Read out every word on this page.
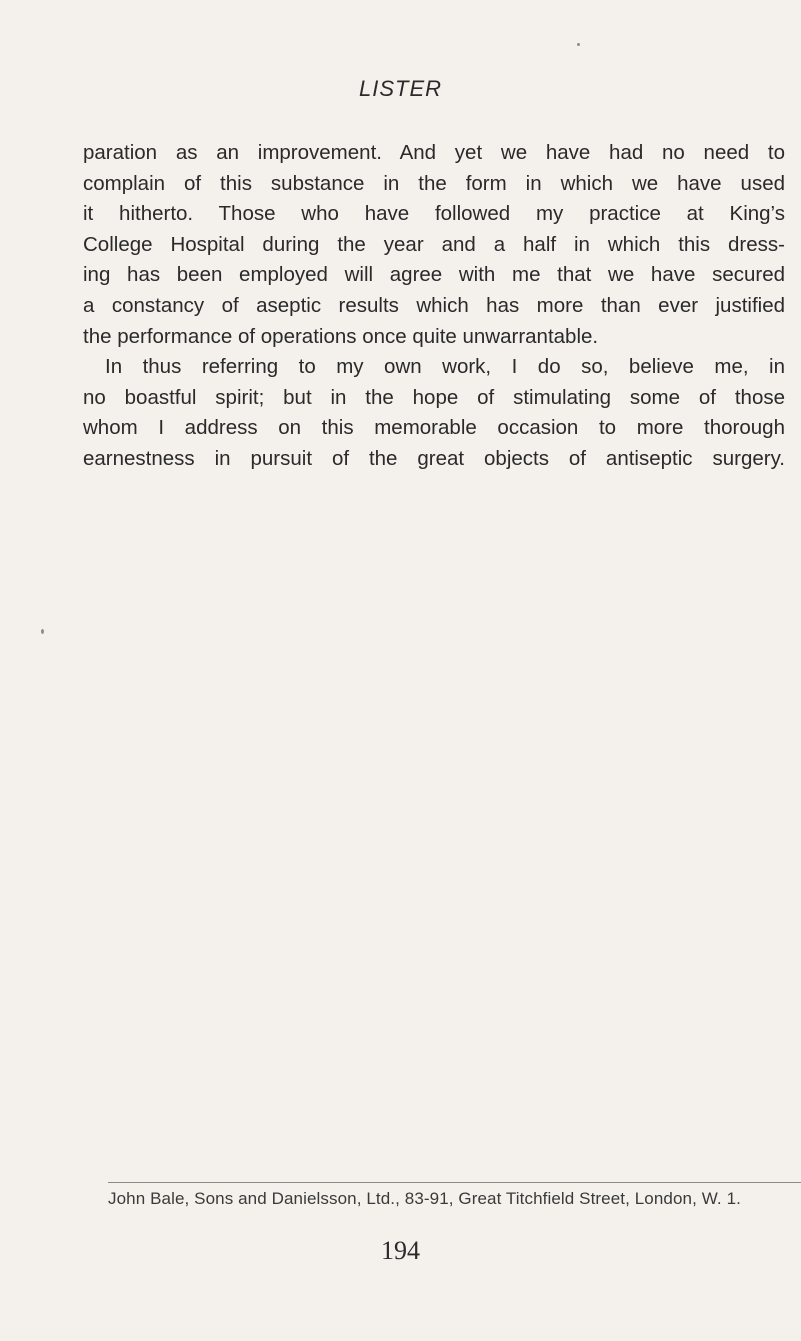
LISTER
paration as an improvement. And yet we have had no need to
complain of this substance in the form in which we have used
it hitherto. Those who have followed my practice at King’s
College Hospital during the year and a half in which this dress-
ing has been employed will agree with me that we have secured
a constancy of aseptic results which has more than ever justified
the performance of operations once quite unwarrantable.
In thus referring to my own work, I do so, believe me, in
no boastful spirit; but in the hope of stimulating some of those
whom I address on this memorable occasion to more thorough
earnestness in pursuit of the great objects of antiseptic surgery.
John Bale, Sons and Danielsson, Ltd., 83-91, Great Titchfield Street, London, W. 1.
194
